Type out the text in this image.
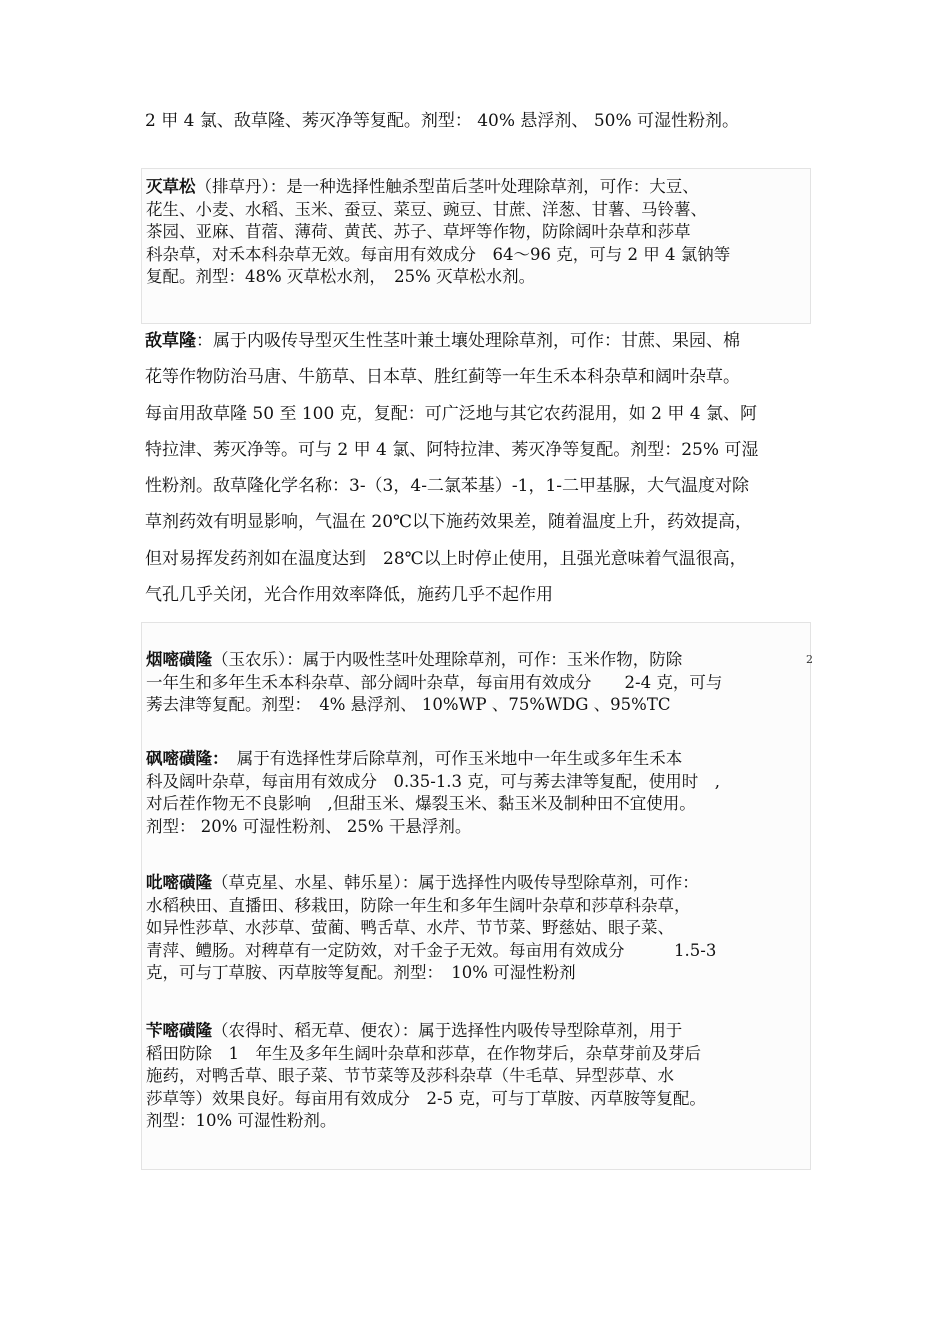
2 甲 4 氯、敌草隆、莠灭净等复配。剂型： 40% 悬浮剂、 50% 可湿性粉剂。
灭草松（排草丹）：是一种选择性触杀型苗后茎叶处理除草剂，可作：大豆、
花生、小麦、水稻、玉米、蚕豆、菜豆、豌豆、甘蔗、洋葱、甘薯、马铃薯、
茶园、亚麻、苜蓿、薄荷、黄芪、苏子、草坪等作物，防除阔叶杂草和莎草
科杂草，对禾本科杂草无效。每亩用有效成分　64～96 克，可与 2 甲 4 氯钠等
复配。剂型：48% 灭草松水剂，　25% 灭草松水剂。
敌草隆：属于内吸传导型灭生性茎叶兼土壤处理除草剂，可作：甘蔗、果园、棉
花等作物防治马唐、牛筋草、日本草、胜红蓟等一年生禾本科杂草和阔叶杂草。
每亩用敌草隆 50 至 100 克，复配：可广泛地与其它农药混用，如 2 甲 4 氯、阿
特拉津、莠灭净等。可与 2 甲 4 氯、阿特拉津、莠灭净等复配。剂型：25% 可湿
性粉剂。敌草隆化学名称：3-（3，4-二氯苯基）-1，1-二甲基脲，大气温度对除
草剂药效有明显影响，气温在 20℃以下施药效果差，随着温度上升，药效提高，
但对易挥发药剂如在温度达到　28℃以上时停止使用，且强光意味着气温很高，
气孔几乎关闭，光合作用效率降低，施药几乎不起作用
烟嘧磺隆（玉农乐）：属于内吸性茎叶处理除草剂，可作：玉米作物，防除
一年生和多年生禾本科杂草、部分阔叶杂草，每亩用有效成分　　2-4 克，可与
莠去津等复配。剂型：　4% 悬浮剂、 10%WP 、75%WDG 、95%TC
砜嘧磺隆：　属于有选择性芽后除草剂，可作玉米地中一年生或多年生禾本
科及阔叶杂草，每亩用有效成分　0.35-1.3 克，可与莠去津等复配，使用时　,
对后茬作物无不良影响　,但甜玉米、爆裂玉米、黏玉米及制种田不宜使用。
剂型： 20% 可湿性粉剂、 25% 干悬浮剂。
吡嘧磺隆（草克星、水星、韩乐星）：属于选择性内吸传导型除草剂，可作：
水稻秧田、直播田、移栽田，防除一年生和多年生阔叶杂草和莎草科杂草，
如异性莎草、水莎草、萤蔺、鸭舌草、水芹、节节菜、野慈姑、眼子菜、
青萍、鳢肠。对稗草有一定防效，对千金子无效。每亩用有效成分　　　1.5-3
克，可与丁草胺、丙草胺等复配。剂型：　10% 可湿性粉剂
苄嘧磺隆（农得时、稻无草、便农）：属于选择性内吸传导型除草剂，用于
稻田防除　1　年生及多年生阔叶杂草和莎草，在作物芽后，杂草芽前及芽后
施药，对鸭舌草、眼子菜、节节菜等及莎科杂草（牛毛草、异型莎草、水
莎草等）效果良好。每亩用有效成分　2-5 克，可与丁草胺、丙草胺等复配。
剂型：10% 可湿性粉剂。
2
